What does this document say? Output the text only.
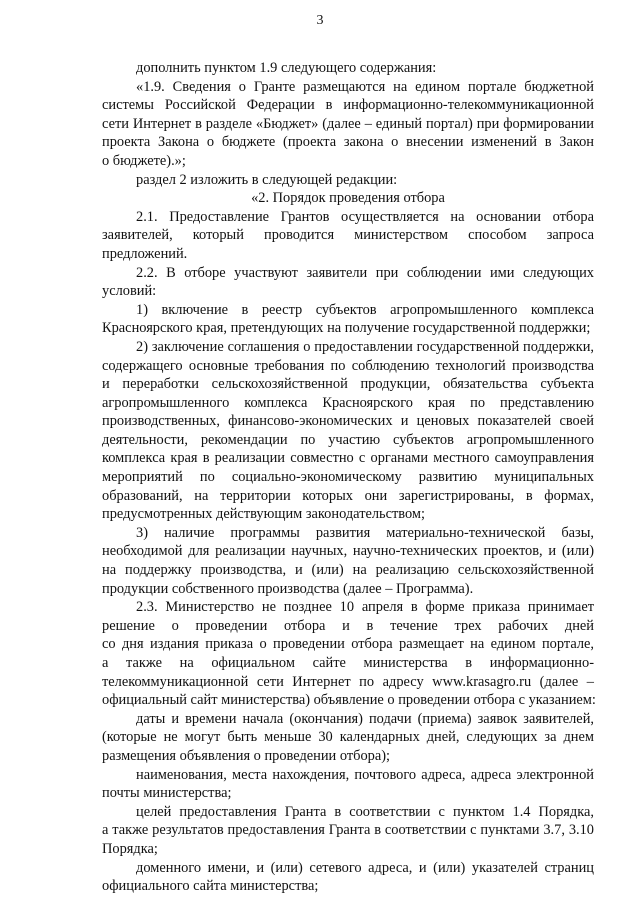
3
дополнить пунктом 1.9 следующего содержания:
«1.9. Сведения о Гранте размещаются на едином портале бюджетной
системы Российской Федерации в информационно-телекоммуникационной
сети Интернет в разделе «Бюджет» (далее – единый портал) при формировании
проекта Закона о бюджете (проекта закона о внесении изменений в Закон
о бюджете).»;
раздел 2 изложить в следующей редакции:
«2. Порядок проведения отбора
2.1. Предоставление Грантов осуществляется на основании отбора
заявителей, который проводится министерством способом запроса
предложений.
2.2. В отборе участвуют заявители при соблюдении ими следующих
условий:
1) включение в реестр субъектов агропромышленного комплекса
Красноярского края, претендующих на получение государственной поддержки;
2) заключение соглашения о предоставлении государственной поддержки,
содержащего основные требования по соблюдению технологий производства
и переработки сельскохозяйственной продукции, обязательства субъекта
агропромышленного комплекса Красноярского края по представлению
производственных, финансово-экономических и ценовых показателей своей
деятельности, рекомендации по участию субъектов агропромышленного
комплекса края в реализации совместно с органами местного самоуправления
мероприятий по социально-экономическому развитию муниципальных
образований, на территории которых они зарегистрированы, в формах,
предусмотренных действующим законодательством;
3) наличие программы развития материально-технической базы,
необходимой для реализации научных, научно-технических проектов, и (или)
на поддержку производства, и (или) на реализацию сельскохозяйственной
продукции собственного производства (далее – Программа).
2.3. Министерство не позднее 10 апреля в форме приказа принимает
решение о проведении отбора и в течение трех рабочих дней
со дня издания приказа о проведении отбора размещает на едином портале,
а также на официальном сайте министерства в информационно-
телекоммуникационной сети Интернет по адресу www.krasagro.ru (далее –
официальный сайт министерства) объявление о проведении отбора с указанием:
даты и времени начала (окончания) подачи (приема) заявок заявителей,
(которые не могут быть меньше 30 календарных дней, следующих за днем
размещения объявления о проведении отбора);
наименования, места нахождения, почтового адреса, адреса электронной
почты министерства;
целей предоставления Гранта в соответствии с пунктом 1.4 Порядка,
а также результатов предоставления Гранта в соответствии с пунктами 3.7, 3.10
Порядка;
доменного имени, и (или) сетевого адреса, и (или) указателей страниц
официального сайта министерства;
